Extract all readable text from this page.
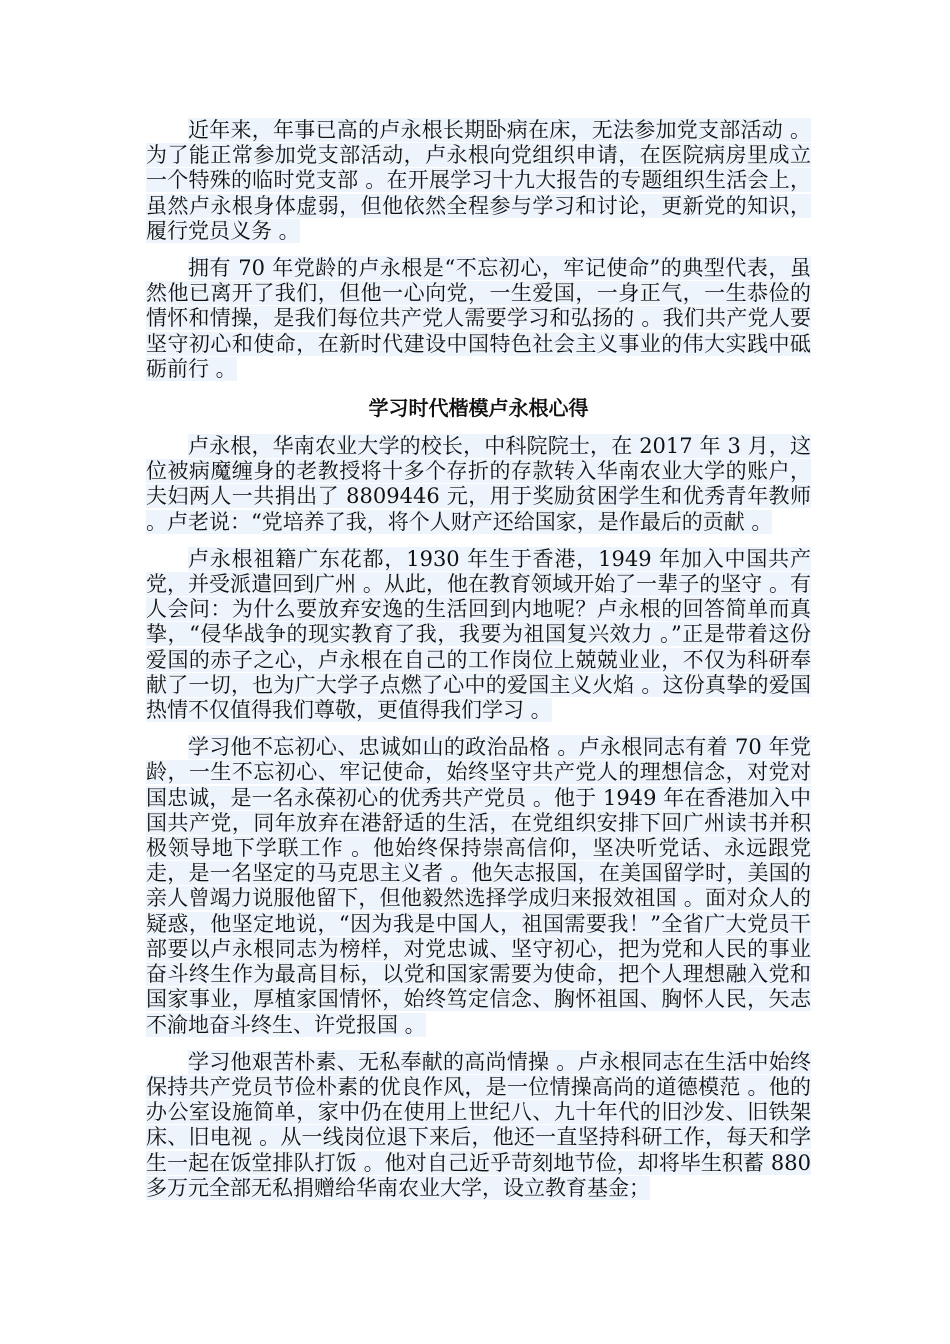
近年来，年事已高的卢永根长期卧病在床，无法参加党支部活动 。为了能正常参加党支部活动，卢永根向党组织申请，在医院病房里成立一个特殊的临时党支部 。在开展学习十九大报告的专题组织生活会上，虽然卢永根身体虚弱，但他依然全程参与学习和讨论，更新党的知识，履行党员义务 。

拥有 70 年党龄的卢永根是“不忘初心，牢记使命”的典型代表，虽然他已离开了我们，但他一心向党，一生爱国，一身正气，一生恭俭的情怀和情操，是我们每位共产党人需要学习和弘扬的 。我们共产党人要坚守初心和使命，在新时代建设中国特色社会主义事业的伟大实践中砥砺前行 。

学习时代楷模卢永根心得

卢永根，华南农业大学的校长，中科院院士，在 2017 年 3 月，这位被病魔缠身的老教授将十多个存折的存款转入华南农业大学的账户，夫妇两人一共捐出了 8809446 元，用于奖励贫困学生和优秀青年教师 。卢老说：“党培养了我，将个人财产还给国家，是作最后的贡献 。

卢永根祖籍广东花都，1930 年生于香港，1949 年加入中国共产党，并受派遣回到广州 。从此，他在教育领域开始了一辈子的坚守 。有人会问：为什么要放弃安逸的生活回到内地呢？卢永根的回答简单而真挚，“侵华战争的现实教育了我，我要为祖国复兴效力 。”正是带着这份爱国的赤子之心，卢永根在自己的工作岗位上兢兢业业，不仅为科研奉献了一切，也为广大学子点燃了心中的爱国主义火焰 。这份真挚的爱国热情不仅值得我们尊敬，更值得我们学习 。

学习他不忘初心、忠诚如山的政治品格 。卢永根同志有着 70 年党龄，一生不忘初心、牢记使命，始终坚守共产党人的理想信念，对党对国忠诚，是一名永葆初心的优秀共产党员 。他于 1949 年在香港加入中国共产党，同年放弃在港舒适的生活，在党组织安排下回广州读书并积极领导地下学联工作 。他始终保持崇高信仰，坚决听党话、永远跟党走，是一名坚定的马克思主义者 。他矢志报国，在美国留学时，美国的亲人曾竭力说服他留下，但他毅然选择学成归来报效祖国 。面对众人的疑惑，他坚定地说，“因为我是中国人，祖国需要我！”全省广大党员干部要以卢永根同志为榜样，对党忠诚、坚守初心，把为党和人民的事业奋斗终生作为最高目标，以党和国家需要为使命，把个人理想融入党和国家事业，厚植家国情怀，始终笃定信念、胸怀祖国、胸怀人民，矢志不渝地奋斗终生、许党报国 。

学习他艰苦朴素、无私奉献的高尚情操 。卢永根同志在生活中始终保持共产党员节俭朴素的优良作风，是一位情操高尚的道德模范 。他的办公室设施简单，家中仍在使用上世纪八、九十年代的旧沙发、旧铁架床、旧电视 。从一线岗位退下来后，他还一直坚持科研工作，每天和学生一起在饭堂排队打饭 。他对自己近乎苛刻地节俭，却将毕生积蓄 880 多万元全部无私捐赠给华南农业大学，设立教育基金；
